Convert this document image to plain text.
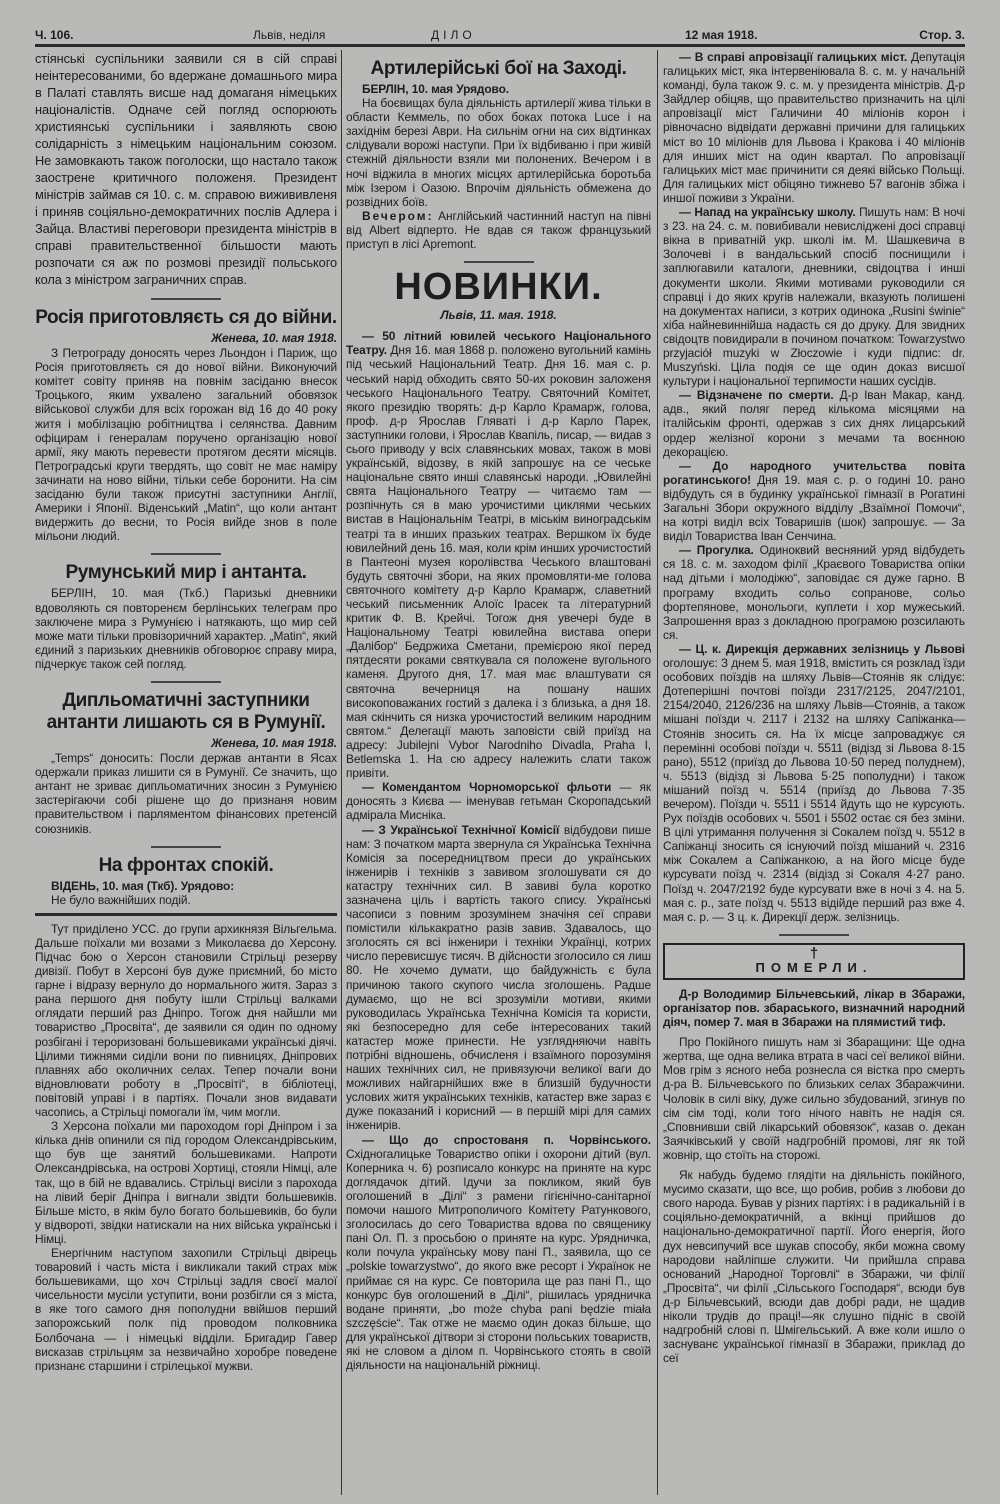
Ч. 106.	Львів, неділя	ДІЛО	12 мая 1918.	Стор. 3.

стіянські суспільники заявили ся в сій справі неінтересованими, бо вдержане домашнього мира в Палаті ставлять висше над домаганя німецьких націоналістів. Одначе сей погляд оспорюють християнські суспільники і заявляють свою солідарність з німецьким національним союзом. Не замовкають також поголоски, що настало також заострене критичного положеня. Президент міністрів займав ся 10. с. м. справою вижививленя і приняв соціяльно-демократичних послів Адлера і Зайца. Властиві переговори президента міністрів в справі правительственної більшости мають розпочати ся аж по розмові президії польського кола з міністром заграничних справ.

Росія приготовляєть ся до війни.
Женева, 10. мая 1918.

З Петрограду доносять через Льондон і Париж, що Росія приготовляєть ся до нової війни. Виконуючий комітет совіту приняв на повнім засіданю внесок Троцького, яким ухвалено загальний обовязок військової служби для всіх горожан від 16 до 40 року житя і мобілізацію робітництва і селянства. Давним офіцирам і генералам поручено організацію нової армії, яку мають перевести протягом десяти місяців. Петроградські круги твердять, що совіт не має наміру зачинати на ново війни, тільки себе боронити. На сім засіданю були також присутні заступники Англії, Америки і Японії. Віденський „Matin“, що коли антант видержить до весни, то Росія вийде знов в поле мільони людий.

Румунський мир і антанта.

БЕРЛІН, 10. мая (Ткб.) Паризькі дневники вдоволяють ся повторенєм берлінських телеграм про заключене мира з Румунією і натякають, що мир сей може мати тільки провізоричний характер. „Matin“, який єдиний з паризьких дневників обговорює справу мира, підчеркує також сей погляд.

Дипльоматичні заступники антанти лишають ся в Румунії.
Женева, 10. мая 1918.

„Temps“ доносить: Посли держав антанти в Ясах одержали приказ лишити ся в Румунії. Се значить, що антант не зриває дипльоматичних зносин з Румунією застерігаючи собі рішене що до признаня новим правительством і парляментом фінансових претенсій союзників.

На фронтах спокій.

ВІДЕНЬ, 10. мая (Ткб). Урядово:

Не було важнійших подій.

Тут приділено УСС. до групи архикнязя Вільгельма. Дальше поїхали ми возами з Миколаєва до Херсону. Підчас бою о Херсон становили Стрільці резерву дивізії. Побут в Херсоні був дуже приємний, бо місто гарне і відразу вернуло до нормального житя. Зараз з рана першого дня побуту ішли Стрільці валками оглядати перший раз Дніпро. Тогож дня найшли ми товариство „Просвіта“, де заявили ся один по одному розбігані і тероризовані большевиками українські діячі. Цілими тижнями сиділи вони по пивницях, Дніпрових плавнях або околичних селах. Тепер почали вони відновлювати роботу в „Просвіті“, в бібліотеці, повітовій управі і в партіях. Почали знов видавати часопись, а Стрільці помогали їм, чим могли.

З Херсона поїхали ми пароходом горі Дніпром і за кілька днів опинили ся під городом Олександрівським, що був ще занятий большевиками. Напроти Олександрівська, на острові Хортиці, стояли Німці, але так, що в бій не вдавались. Стрільці висіли з парохода на лівий беріг Дніпра і вигнали звідти большевиків. Більше місто, в якім було богато большевиків, бо були у відвороті, звідки натискали на них війська українські і Німці.

Енергічним наступом захопили Стрільці двірець товаровий і часть міста і викликали такий страх між большевиками, що хоч Стрільці задля своєї малої чисельности мусіли уступити, вони розбігли ся з міста, в яке того самого дня пополудни ввійшов перший запорожський полк під проводом полковника Болбочана — і німецькі відділи. Бригадир Гавер висказав стрільцям за незвичайно хоробре поведене признанє старшини і стрілецької мужви.

Артилерійські бої на Заході.

БЕРЛІН, 10. мая Урядово.

На боєвищах була діяльність артилерії жива тільки в области Кеммель, по обох боках потока Luce і на західнім березі Аври. На сильнім огни на сих відтинках слідували ворожі наступи. При їх відбиваню і при живій стежній діяльности взяли ми полонених. Вечером і в ночі віджила в многих місцях артилерійська боротьба між Ізером і Оазою. Впрочім діяльність обмежена до розвідних боїв.

Вечером: Англійський частинний наступ на півні від Albert відперто. Не вдав ся також французький приступ в лісі Apremont.

НОВИНКИ.
Львів, 11. мая. 1918.

— 50 літний ювилей чеського Національного Театру. Дня 16. мая 1868 р. положено вугольний камінь під чеський Національний Театр. Дня 16. мая с. р. чеський нарід обходить свято 50-их роковин заложеня чеського Національного Театру. Святочний Комітет, якого президію творять: д-р Карло Крамарж, голова, проф. д-р Ярослав Гляваті і д-р Карло Парек, заступники голови, і Ярослав Квапіль, писар, — видав з сього приводу у всіх славянських мовах, також в мові українській, відозву, в якій запрошує на се чеське національне свято инші славянські народи. „Ювилейні свята Національного Театру — читаємо там — розпічнуть ся в маю урочистими циклями чеських вистав в Національнім Театрі, в міськім виноградськім театрі та в инших празьких театрах. Вершком їх буде ювилейний день 16. мая, коли крім инших урочистостий в Пантеоні музея королівства Чеського влаштовані будуть святочні збори, на яких промовляти-ме голова святочного комітету д-р Карло Крамарж, славетний чеський письменник Алоїс Ірасек та літературний критик Ф. В. Крейчі. Тогож дня увечері буде в Національному Театрі ювилейна вистава опери „Далібор“ Бедржиха Сметани, премієрою якої перед пятдесяти роками святкувала ся положене вугольного каменя. Другого дня, 17. мая має влаштувати ся святочна вечерниця на пошану наших високоповажаних гостий з далека і з близька, а дня 18. мая скінчить ся низка урочистостий великим народним святом.“ Делегації мають заповісти свій приїзд на адресу: Jubilejni Vybor Narodniho Divadla, Praha I, Betlemska 1. На сю адресу належить слати також привіти.

— Комендантом Чорноморської фльоти — як доносять з Києва — іменував гетьман Скоропадський адмірала Мисніка.

— З Української Технічної Комісії відбудови пише нам: З початком марта звернула ся Українська Технічна Комісія за посередництвом преси до українських інженирів і техніків з завивом зголошувати ся до катастру технічних сил. В завиві була коротко зазначена ціль і вартість такого спису. Українські часописи з повним зрозумінем значіня сеї справи помістили кількакратно разів завив. Здавалось, що зголосять ся всі інженири і техніки Українці, котрих число перевисшує тисяч. В дійсности зголосило ся лиш 80. Не хочемо думати, що байдужність є була причиною такого скупого числа зголошень. Радше думаємо, що не всі зрозуміли мотиви, якими руководилась Українська Технічна Комісія та користи, які безпосередно для себе інтересованих такий катастер може принести. Не узглядняючи навіть потрібні відношень, обчисленя і взаїмного порозуміня наших технічних сил, не привязуючи великої ваги до можливих найгарнійших вже в близшій будучности услових житя українських техніків, катастер вже зараз є дуже показаний і корисний — в першій мірі для самих інженирів.

— Що до спростованя п. Чорвінського. Східногалицьке Товариство опіки і охорони дітий (вул. Коперника ч. 6) розписало конкурс на приняте на курс доглядачок дітий. Ідучи за покликом, який був оголошений в „Ділі“ з рамени гігієнічно-санітарної помочи нашого Митрополичого Комітету Ратункового, зголосилась до сего Товариства вдова по священику пані Ол. П. з просьбою о приняте на курс. Урядничка, коли почула українську мову пані П., заявила, що се „polskie towarzystwo“, до якого вже ресорт і Українок не приймає ся на курс. Се повторила ще раз пані П., що конкурс був оголошений в „Ділі“, рішилась урядничка водане приняти, „bo może chyba pani będzie miała szczęście“. Так отже не маємо один доказ більше, що для української дітвори зі сторони польських товариств, які не словом а ділом п. Чорвінського стоять в своїй діяльности на національній ріжниці.

— В справі апровізації галицьких міст. Депутація галицьких міст, яка інтервеніювала 8. с. м. у начальній команді, була також 9. с. м. у президента міністрів. Д-р Зайдлер обіцяв, що правительство призначить на цілі апровізації міст Галичини 40 міліонів корон і рівночасно відвідати державні причини для галицьких міст во 10 міліонів для Львова і Кракова і 40 міліонів для инших міст на один квартал. По апровізації галицьких міст має причинити ся деякі військо Польщі. Для галицьких міст обіцяно тижнево 57 вагонів збіжа і иншої поживи з України.

— Напад на українську школу. Пишуть нам: В ночі з 23. на 24. с. м. повибивали невисліджені досі справці вікна в приватній укр. школі ім. М. Шашкевича в Золочеві і в вандальський спосіб поснищили і заплюгавили каталоги, дневники, свідоцтва і инші документи школи. Якими мотивами руководили ся справці і до яких кругів належали, вказують полишені на документах написи, з котрих одинока „Rusini świnie“ хіба найневиннійша надасть ся до друку. Для звидних свідоцтв повидирали в почином початком: Towarzystwo przyjaciół muzyki w Złoczowie і куди підпис: dr. Muszyński. Ціла подія се ще один доказ висшої культури і національної терпимости наших сусідів.

— Відзначене по смерти. Д-р Іван Макар, канд. адв., який поляг перед кількома місяцями на італійськім фронті, одержав з сих днях лицарський ордер желізної корони з мечами та воєнною декорацією.

— До народного учительства повіта рогатинського! Дня 19. мая с. р. о годині 10. рано відбудуть ся в будинку української гімназії в Рогатині Загальні Збори окружного відділу „Взаїмної Помочи“, на котрі виділ всіх Товаришів (шок) запрошує. — За виділ Товариства Іван Сенчина.

— Прогулка. Одиноквий весняний уряд відбудеть ся 18. с. м. заходом філії „Краєвого Товариства опіки над дітьми і молодіжю“, заповідає ся дуже гарно. В програму входить сольо сопранове, сольо фортепянове, монольоги, куплети і хор мужеський. Запрошення враз з докладною програмою розсилають ся.

— Ц. к. Дирекція державних зелізниць у Львові оголошує: З днем 5. мая 1918, вмістить ся розклад їзди особових поїздів на шляху Львів—Стоянів як слідує: Дотеперішні почтові поїзди 2317/2125, 2047/2101, 2154/2040, 2126/236 на шляху Львів—Стоянів, а також мішані поїзди ч. 2117 і 2132 на шляху Сапіжанка—Стоянів зносить ся. На їх місце запроваджує ся перемінні особові поїзди ч. 5511 (відізд зі Львова 8·15 рано), 5512 (приїзд до Львова 10·50 перед полуднем), ч. 5513 (відізд зі Львова 5·25 пополудни) і також мішаний поїзд ч. 5514 (приїзд до Львова 7·35 вечером). Поїзди ч. 5511 і 5514 йдуть що не курсують. Рух поїздів особових ч. 5501 і 5502 остає ся без зміни. В цілі утримання получення зі Сокалем поїзд ч. 5512 в Сапіжанці зносить ся існуючий поїзд мішаний ч. 2316 між Сокалем а Сапіжанкою, а на його місце буде курсувати поїзд ч. 2314 (відізд зі Сокаля 4·27 рано. Поїзд ч. 2047/2192 буде курсувати вже в ночі з 4. на 5. мая с. р., зате поїзд ч. 5513 відійде перший раз вже 4. мая с. р. — З ц. к. Дирекції держ. зелізниць.

†
ПОМЕРЛИ.

Д-р Володимир Більчевський, лікар в Збаражи, організатор пов. збараського, визначний народний діяч, помер 7. мая в Збаражи на плямистий тиф.

Про Покійного пишуть нам зі Збаращини: Ще одна жертва, ще одна велика втрата в часі сеї великої війни. Мов грім з ясного неба рознесла ся вістка про смерть д-ра В. Більчевського по близьких селах Збаражчини. Чоловік в силі віку, дуже сильно збудований, згинув по сім сім тоді, коли того нічого навіть не надія ся. „Сповнивши свій лікарський обовязок“, казав о. декан Заячківський у своїй надгробній промові, ляг як той жовнір, що стоїть на сторожі.

Як набудь будемо глядіти на діяльність покійного, мусимо сказати, що все, що робив, робив з любови до свого народа. Бував у різних партіях: і в радикальній і в соціяльно-демократичній, а вкінці прийшов до національно-демократичної партії. Його енергія, його дух невсипучий все шукав способу, якби можна свому народови найліпше служити. Чи прийшла справа оснований „Народної Торговлі“ в Збаражи, чи філії „Просвіта“, чи філії „Сільського Господаря“, всюди був д-р Більчевський, всюди дав добрі ради, не щадив ніколи трудів до праці!—як слушно підніс в своїй надгробній слові п. Шмігельський. А вже коли ишло о заснуванє української гімназії в Збаражи, приклад до сеї
